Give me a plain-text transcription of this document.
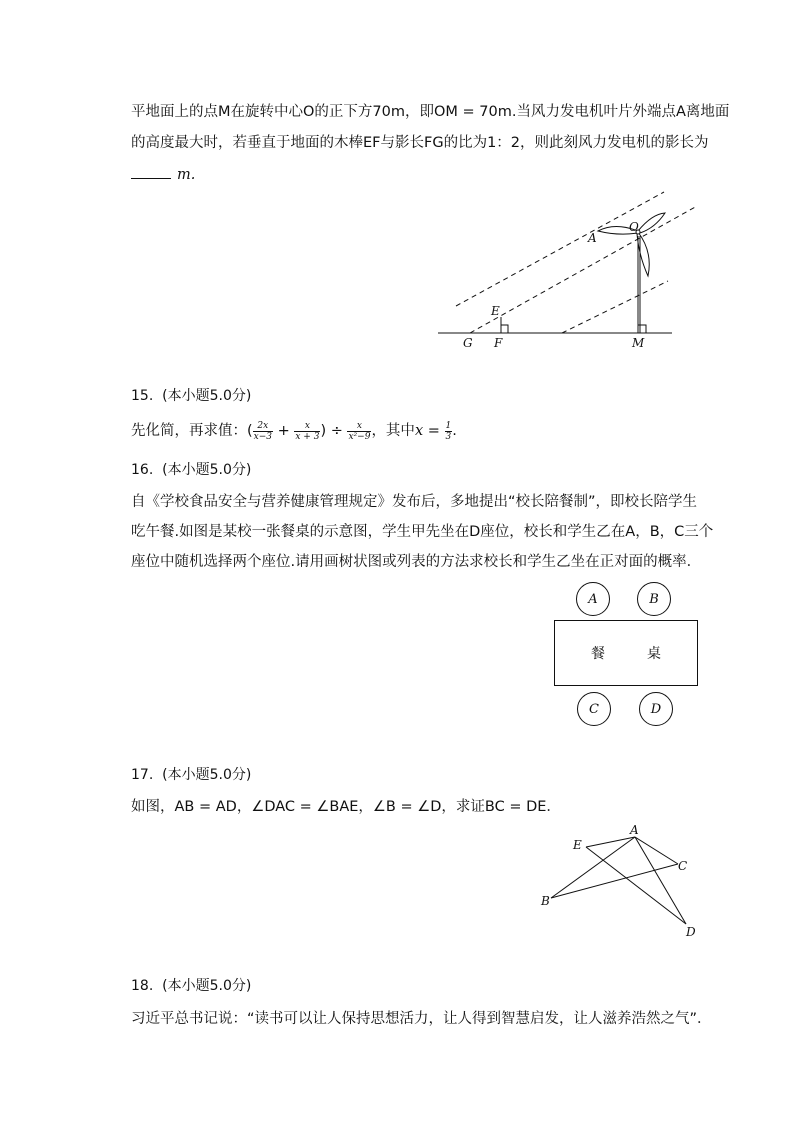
平地面上的点M在旋转中心O的正下方70m，即OM = 70m.当风力发电机叶片外端点A离地面
的高度最大时，若垂直于地面的木棒EF与影长FG的比为1：2，则此刻风力发电机的影长为
m.
A
O
E
G F	M
15.  (本小题5.0分)
先化简，再求值：( $\frac{2x}{x-3} + \frac{x}{x + 3}$ ) ÷ $\frac{x}{\text{x²−9}}$ ，其中$x = \frac{1}{3}$ .
16.  (本小题5.0分)
自《学校食品安全与营养健康管理规定》发布后，多地提出“校长陪餐制”，即校长陪学生
吃午餐.如图是某校一张餐桌的示意图，学生甲先坐在D座位，校长和学生乙在A，B，C三个
座位中随机选择两个座位.请用画树状图或列表的方法求校长和学生乙坐在正对面的概率．
A	B
餐	桌
C	D
17.  (本小题5.0分)
如图，AB = AD，∠DAC = ∠BAE，∠B = ∠D，求证BC = DE．
A
E
C
B
D
18.  (本小题5.0分)
习近平总书记说：“读书可以让人保持思想活力，让人得到智慧启发，让人滋养浩然之气”．
